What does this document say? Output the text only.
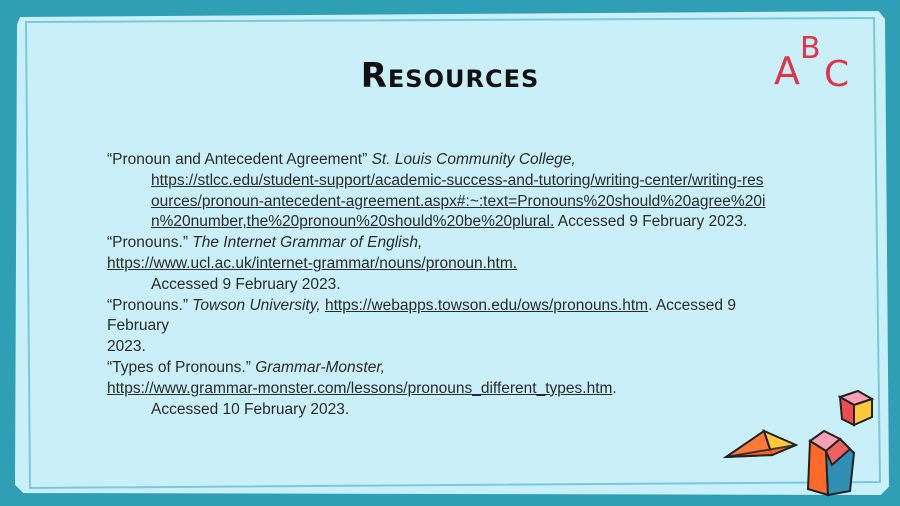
Resources

“Pronoun and Antecedent Agreement” St. Louis Community College,

https://stlcc.edu/student-support/academic-success-and-tutoring/writing-center/writing-resources/pronoun-antecedent-agreement.aspx#:~:text=Pronouns%20should%20agree%20in%20number,the%20pronoun%20should%20be%20plural. Accessed 9 February 2023.

“Pronouns.” The Internet Grammar of English,

https://www.ucl.ac.uk/internet-grammar/nouns/pronoun.htm.

Accessed 9 February 2023.

“Pronouns.” Towson University, https://webapps.towson.edu/ows/pronouns.htm. Accessed 9 February

2023.

“Types of Pronouns.” Grammar-Monster,

https://www.grammar-monster.com/lessons/pronouns_different_types.htm.

Accessed 10 February 2023.

A
B
C
